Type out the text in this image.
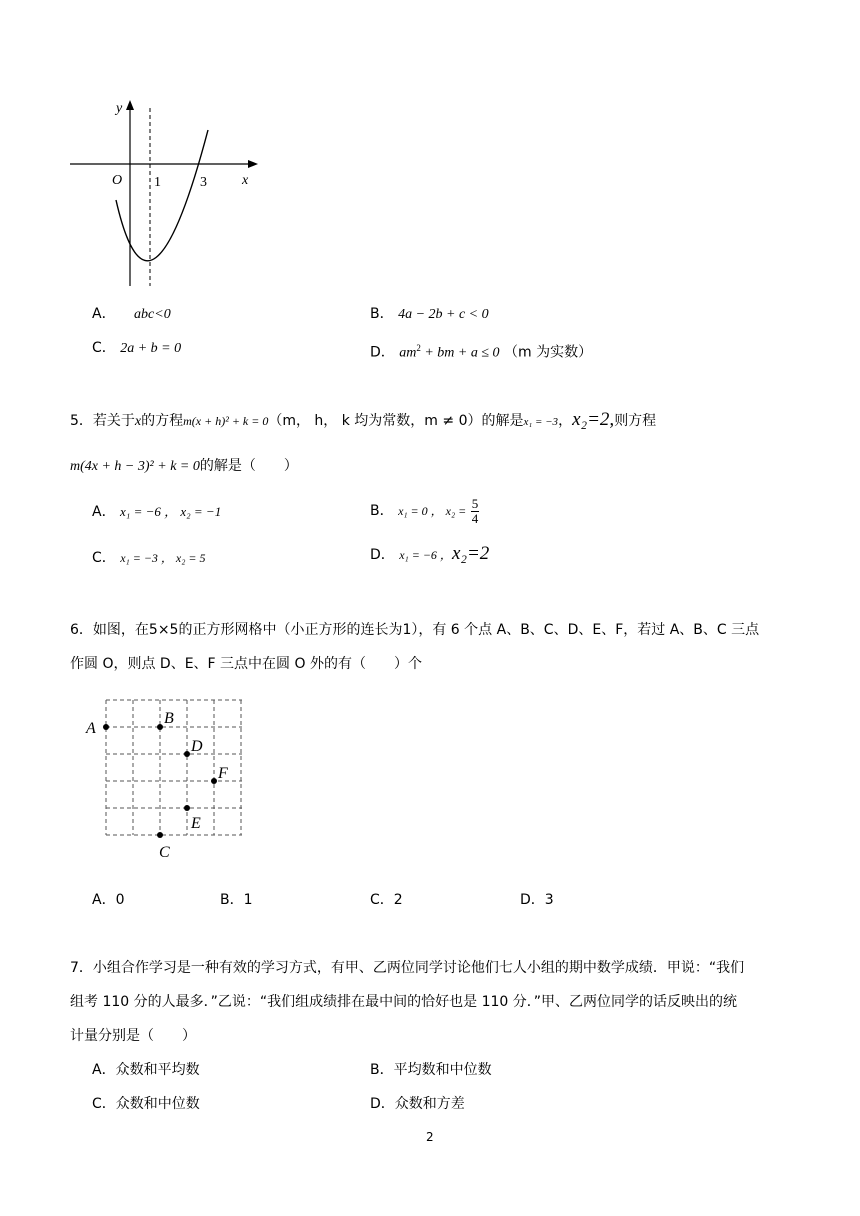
y
x
O 1	3
A． abc<0	B． 4a − 2b + c < 0
C． 2a + b = 0	D． $am^2$ + bm + a ≤ 0 （m 为实数）
5．若关于x的方程m(x + h)² + k = 0（m， h， k 均为常数，m ≠ 0）的解是x₁ = −3，x₂=2,则方程
m(4x + h − 3)² + k = 0的解是（　　）
A． x₁ = −6 ， x₂ = −1	B． x₁ = 0 ， $x_2 = \frac{5}{4}$
C． x₁ = −3 ， x₂ = 5	D． x₁ = −6 ，x₂=2
6．如图，在5×5的正方形网格中（小正方形的连长为1），有 6 个点 A、B、C、D、E、F，若过 A、B、C 三点
作圆 O，则点 D、E、F 三点中在圆 O 外的有（　　）个
A
B
D
F
E
C
A．0	B．1	C．2	D．3
7．小组合作学习是一种有效的学习方式，有甲、乙两位同学讨论他们七人小组的期中数学成绩．甲说：“我们
组考 110 分的人最多．”乙说：“我们组成绩排在最中间的恰好也是 110 分．”甲、乙两位同学的话反映出的统
计量分别是（　　）
A．众数和平均数	B．平均数和中位数
C．众数和中位数	D．众数和方差
2
